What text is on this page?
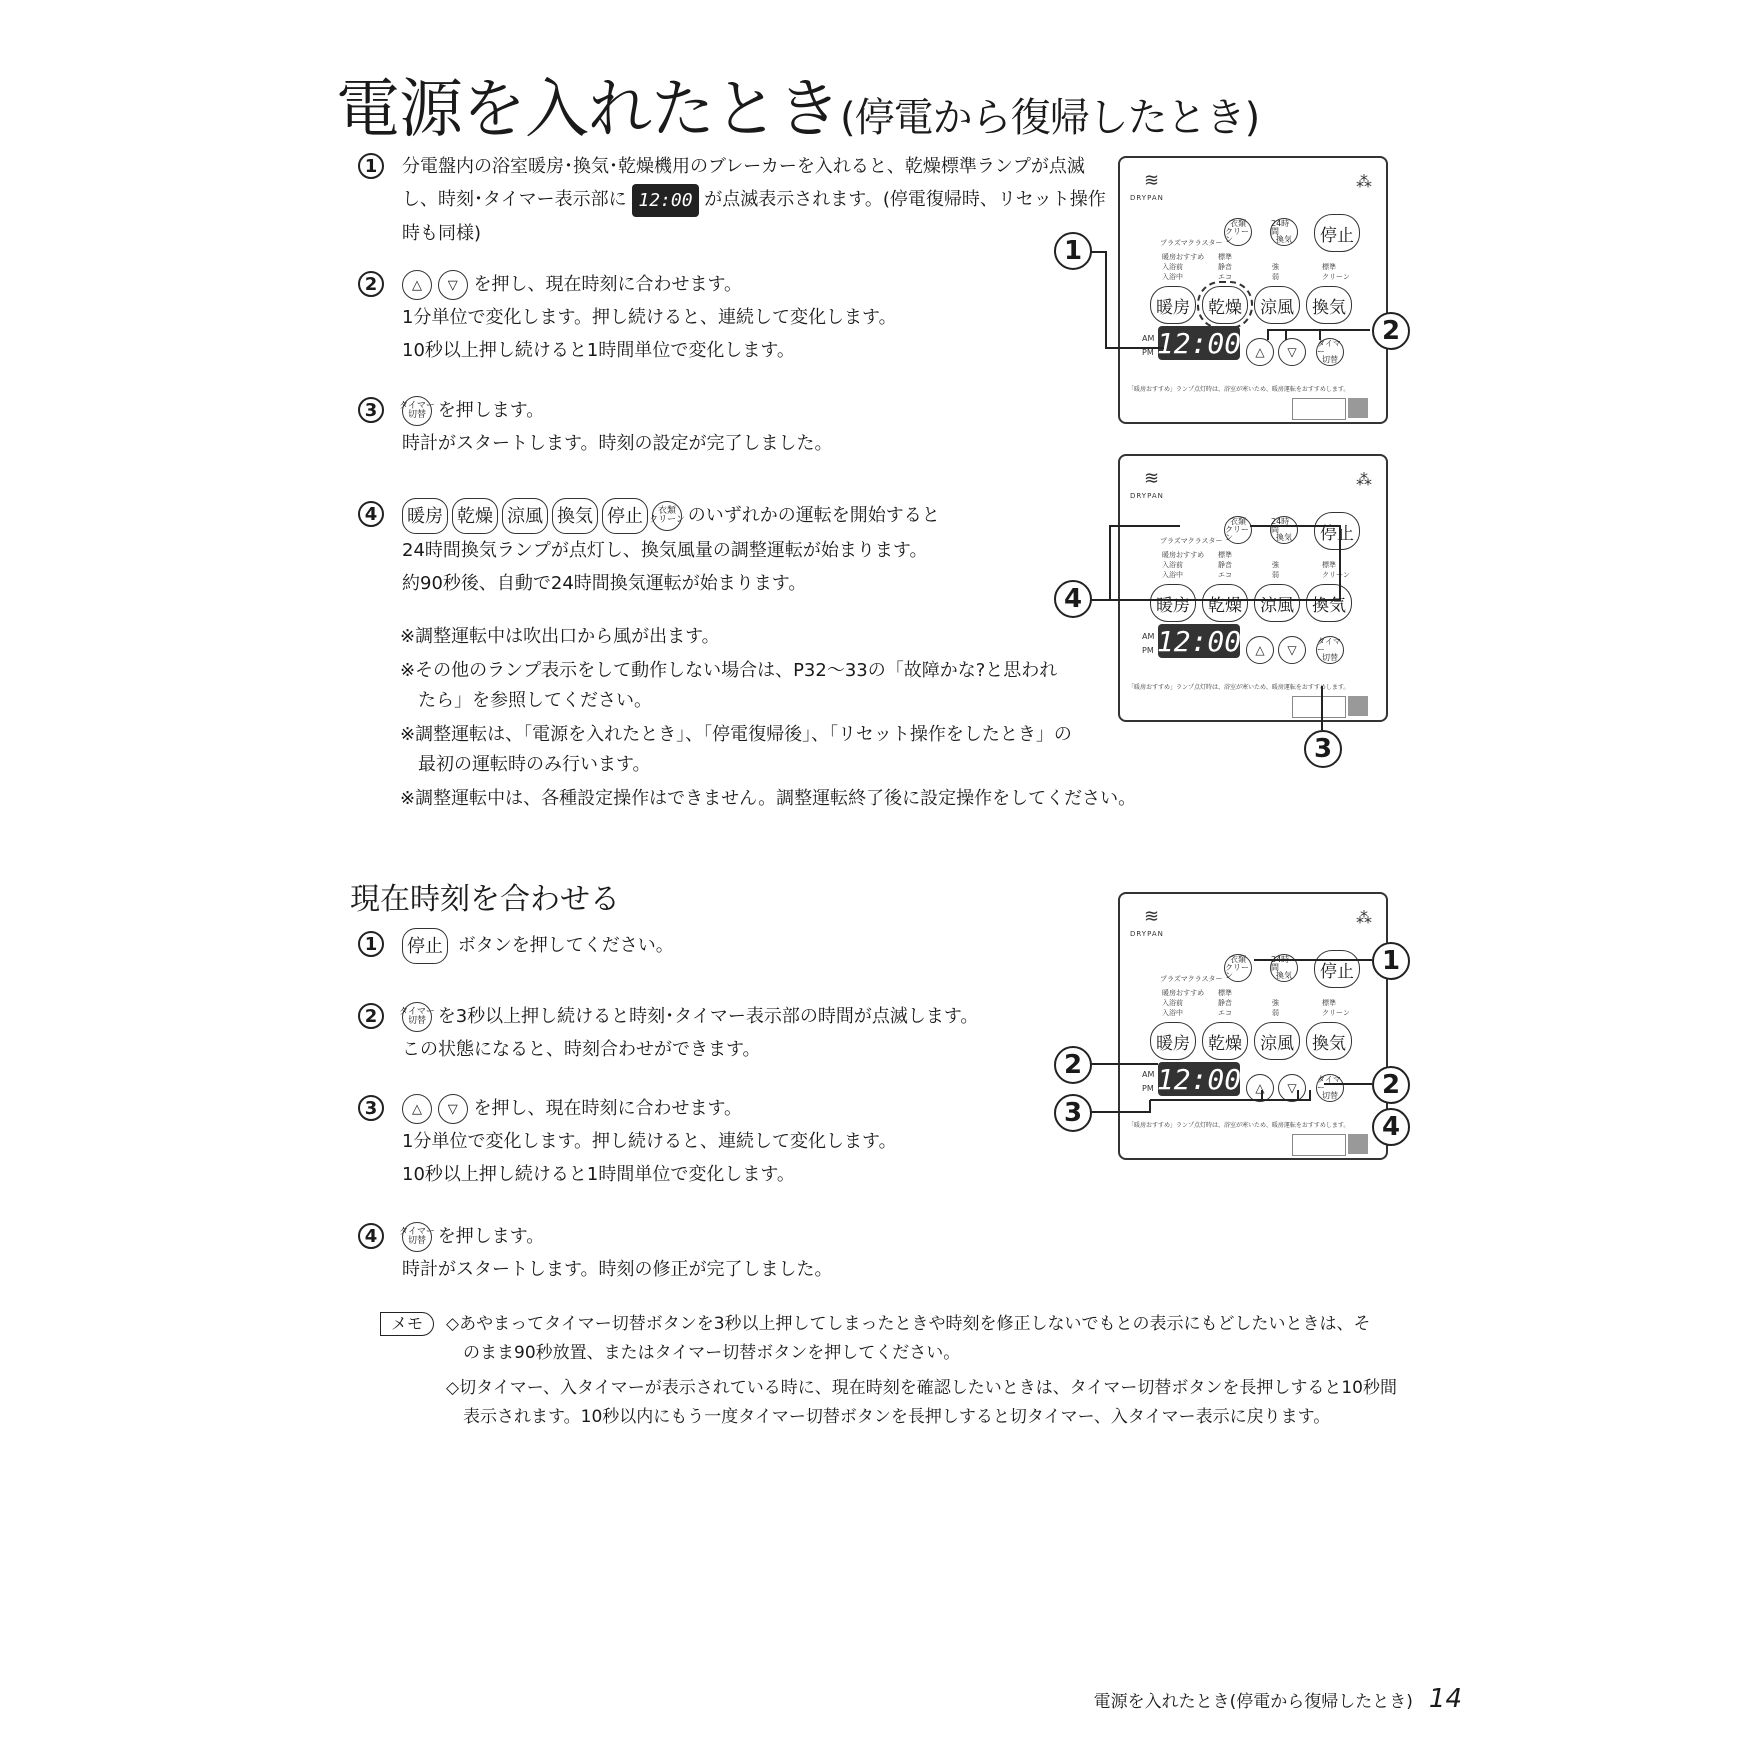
電源を入れたとき(停電から復帰したとき)
1	分電盤内の浴室暖房･換気･乾燥機用のブレーカーを入れると、乾燥標準ランプが点滅
し、時刻･タイマー表示部に 12:00 が点滅表示されます。(停電復帰時、リセット操作
時も同様)
2	△ ▽ を押し、現在時刻に合わせます。
1分単位で変化します。押し続けると、連続して変化します。
10秒以上押し続けると1時間単位で変化します。
3	タイマー
切替 を押します。
時計がスタートします。時刻の設定が完了しました。
4	暖房 乾燥 涼風 換気 停止 衣類
クリーン のいずれかの運転を開始すると
24時間換気ランプが点灯し、換気風量の調整運転が始まります。
約90秒後、自動で24時間換気運転が始まります。
※調整運転中は吹出口から風が出ます。
※その他のランプ表示をして動作しない場合は、P32～33の「故障かな?と思われ
　たら」を参照してください。
※調整運転は、「電源を入れたとき」、「停電復帰後」、「リセット操作をしたとき」の
　最初の運転時のみ行います。
※調整運転中は、各種設定操作はできません。調整運転終了後に設定操作をしてください。
現在時刻を合わせる
1	停止 ボタンを押してください。
2	タイマー
切替 を3秒以上押し続けると時刻･タイマー表示部の時間が点滅します。
この状態になると、時刻合わせができます。
3	△ ▽ を押し、現在時刻に合わせます。
1分単位で変化します。押し続けると、連続して変化します。
10秒以上押し続けると1時間単位で変化します。
4	タイマー
切替 を押します。
時計がスタートします。時刻の修正が完了しました。
メモ	◇あやまってタイマー切替ボタンを3秒以上押してしまったときや時刻を修正しないでもとの表示にもどしたいときは、そ
　のまま90秒放置、またはタイマー切替ボタンを押してください。
◇切タイマー、入タイマーが表示されている時に、現在時刻を確認したいときは、タイマー切替ボタンを長押しすると10秒間
　表示されます。10秒以内にもう一度タイマー切替ボタンを長押しすると切タイマー、入タイマー表示に戻ります。
電源を入れたとき(停電から復帰したとき) 14
≋
DRYPAN
⁂
衣類
クリーン
24時間
換気	停止
プラズマクラスター
暖房おすすめ
入浴前
入浴中
標準
静音
エコ
強
弱
標準
クリーン
暖房	乾燥	涼風	換気
AM
PM 12:00	△	▽
タイマー
切替
「暖房おすすめ」ランプ点灯時は、浴室が寒いため、暖房運転をおすすめします。
1
2
≋
DRYPAN
⁂
衣類
クリーン
24時間
換気	停止
プラズマクラスター
暖房おすすめ
入浴前
入浴中
標準
静音
エコ
強
弱
標準
クリーン
暖房	乾燥	涼風	換気
AM
PM 12:00	△	▽
タイマー
切替
「暖房おすすめ」ランプ点灯時は、浴室が寒いため、暖房運転をおすすめします。
4
3
≋
DRYPAN
⁂
衣類
クリーン
24時間
換気	停止
プラズマクラスター
暖房おすすめ
入浴前
入浴中
標準
静音
エコ
強
弱
標準
クリーン
暖房	乾燥	涼風	換気
AM
PM 12:00	△	▽
タイマー
切替
「暖房おすすめ」ランプ点灯時は、浴室が寒いため、暖房運転をおすすめします。
1
2
3
2
4
